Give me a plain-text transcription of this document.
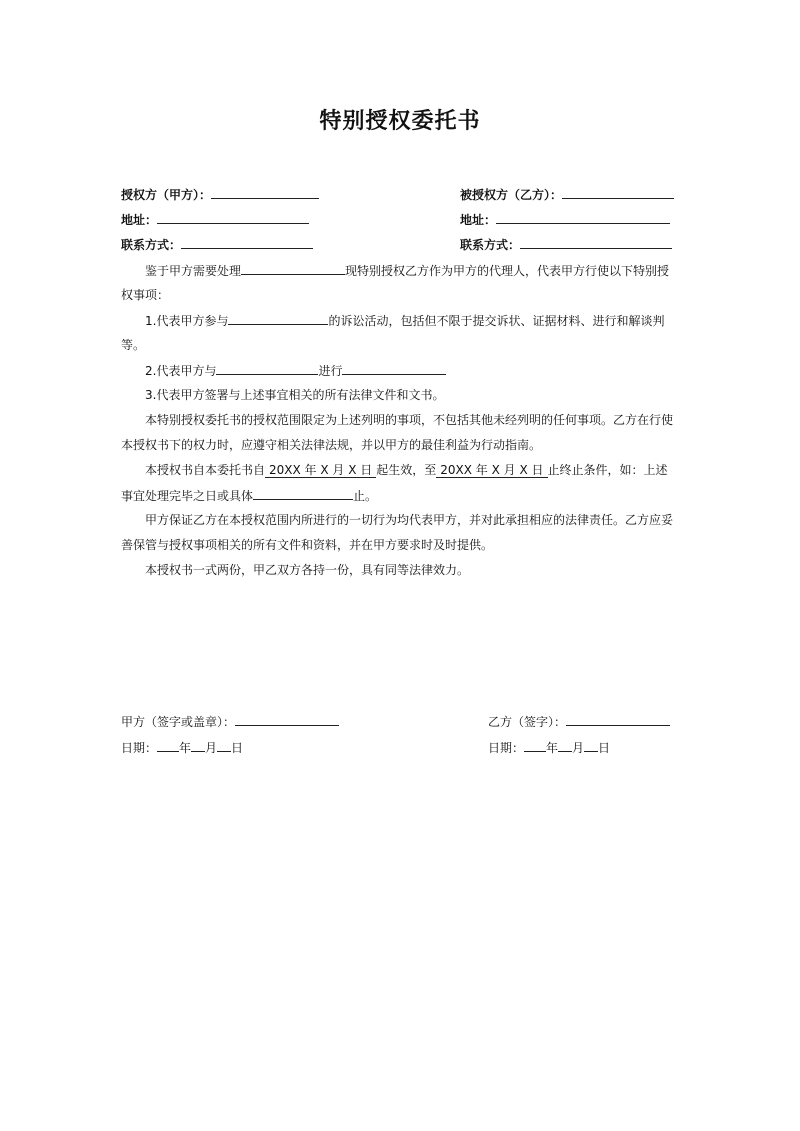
特别授权委托书
授权方（甲方）：
地址：
联系方式：
被授权方（乙方）：
地址：
联系方式：
鉴于甲方需要处理	现特别授权乙方作为甲方的代理人，代表甲方行使以下特别授
权事项：
1.代表甲方参与	的诉讼活动，包括但不限于提交诉状、证据材料、进行和解谈判
等。
2.代表甲方与	进行
3.代表甲方签署与上述事宜相关的所有法律文件和文书。
本特别授权委托书的授权范围限定为上述列明的事项，不包括其他未经列明的任何事项。乙方在行使
本授权书下的权力时，应遵守相关法律法规，并以甲方的最佳利益为行动指南。
本授权书自本委托书自 20XX 年 X 月 X 日 起生效，至 20XX 年 X 月 X 日 止终止条件，如：上述
事宜处理完毕之日或具体	止。
甲方保证乙方在本授权范围内所进行的一切行为均代表甲方，并对此承担相应的法律责任。乙方应妥
善保管与授权事项相关的所有文件和资料，并在甲方要求时及时提供。
本授权书一式两份，甲乙双方各持一份，具有同等法律效力。
甲方（签字或盖章）：
日期： 年 月 日
乙方（签字）：
日期： 年 月 日
